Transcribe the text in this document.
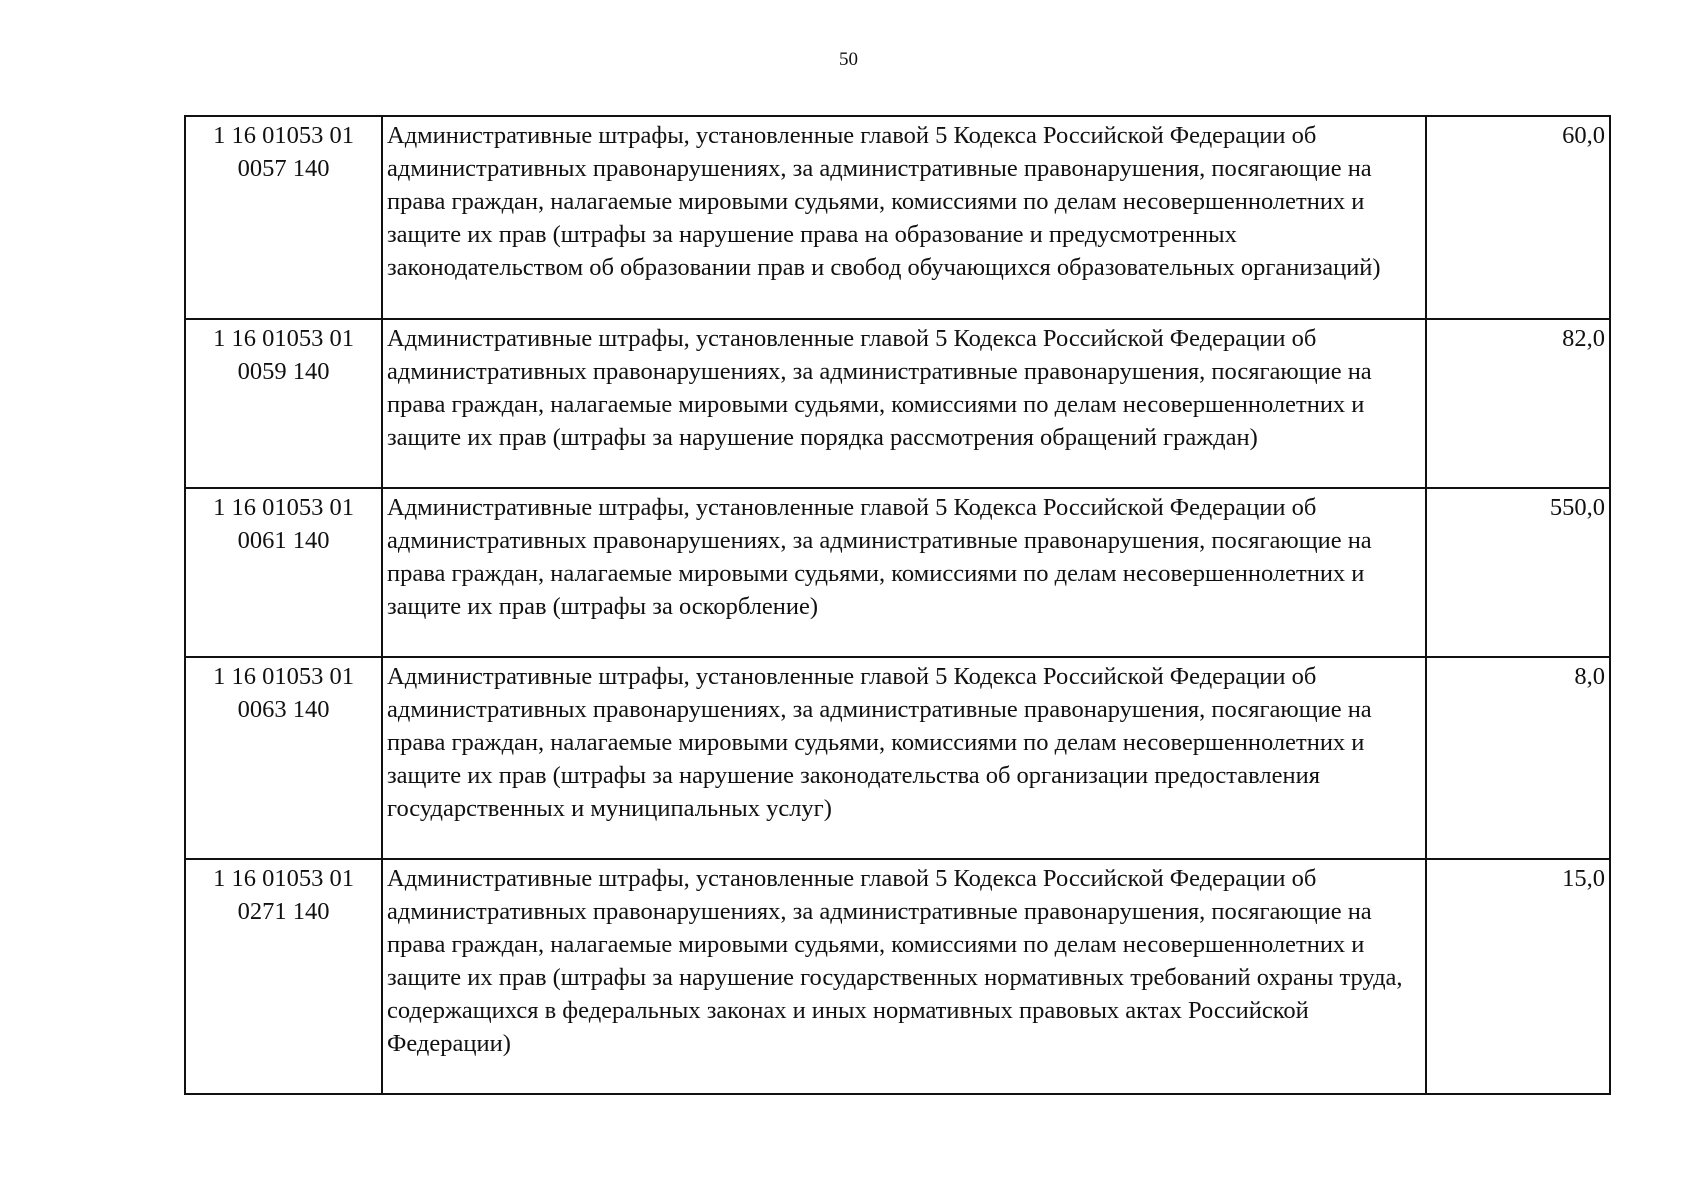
50
1 16 01053 01
0057 140	Административные штрафы, установленные главой 5 Кодекса Российской Федерации об административных правонарушениях, за административные правонарушения, посягающие на права граждан, налагаемые мировыми судьями, комиссиями по делам несовершеннолетних и защите их прав (штрафы за нарушение права на образование и предусмотренных законодательством об образовании прав и свобод обучающихся образовательных организаций)	60,0

1 16 01053 01
0059 140	Административные штрафы, установленные главой 5 Кодекса Российской Федерации об административных правонарушениях, за административные правонарушения, посягающие на права граждан, налагаемые мировыми судьями, комиссиями по делам несовершеннолетних и защите их прав (штрафы за нарушение порядка рассмотрения обращений граждан)	82,0

1 16 01053 01
0061 140	Административные штрафы, установленные главой 5 Кодекса Российской Федерации об административных правонарушениях, за административные правонарушения, посягающие на права граждан, налагаемые мировыми судьями, комиссиями по делам несовершеннолетних и защите их прав (штрафы за оскорбление)	550,0

1 16 01053 01
0063 140	Административные штрафы, установленные главой 5 Кодекса Российской Федерации об административных правонарушениях, за административные правонарушения, посягающие на права граждан, налагаемые мировыми судьями, комиссиями по делам несовершеннолетних и защите их прав (штрафы за нарушение законодательства об организации предоставления государственных и муниципальных услуг)	8,0

1 16 01053 01
0271 140	Административные штрафы, установленные главой 5 Кодекса Российской Федерации об административных правонарушениях, за административные правонарушения, посягающие на права граждан, налагаемые мировыми судьями, комиссиями по делам несовершеннолетних и защите их прав (штрафы за нарушение государственных нормативных требований охраны труда, содержащихся в федеральных законах и иных нормативных правовых актах Российской Федерации)	15,0
